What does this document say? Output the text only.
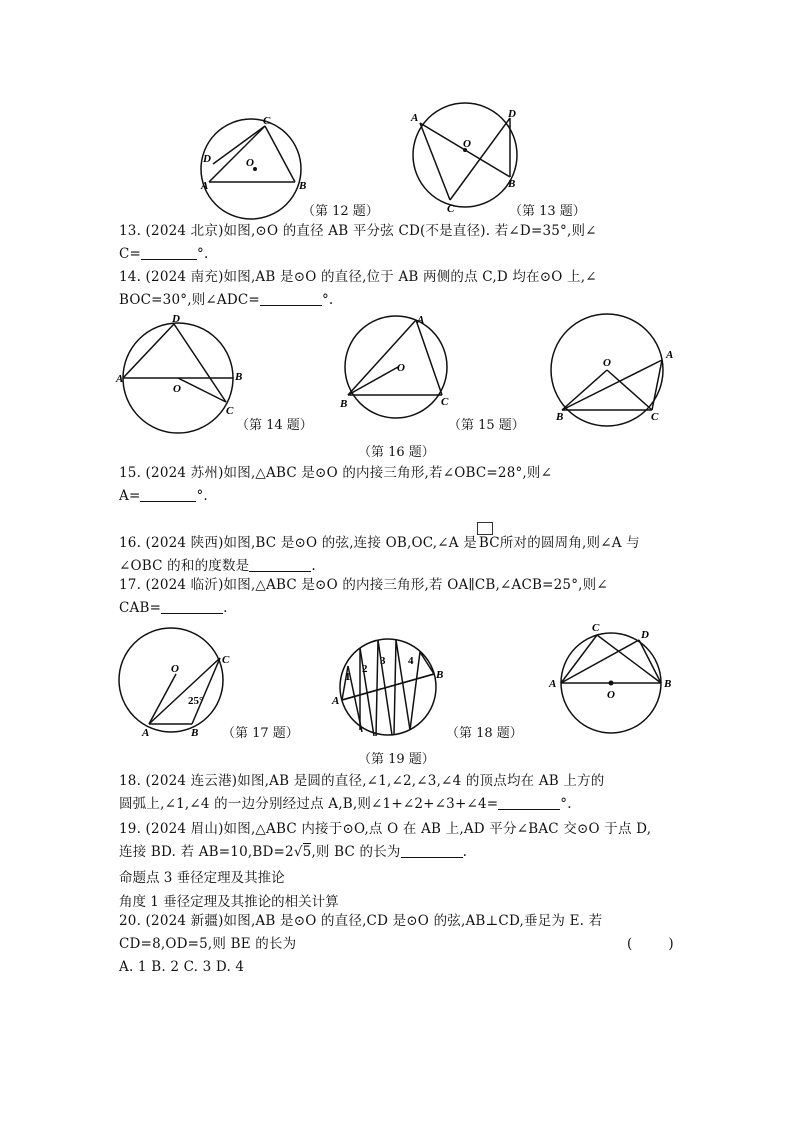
C
D	O
A	B
（第 12 题）
A	D
O
B
C	（第 13 题）
13. (2024 北京)如图,⊙O 的直径 AB 平分弦 CD(不是直径). 若∠D=35°,则∠
C=	°.
14. (2024 南充)如图,AB 是⊙O 的直径,位于 AB 两侧的点 C,D 均在⊙O 上,∠
BOC=30°,则∠ADC=	°.
D
A
O
B
C
（第 14 题）
A
O
B	C
（第 15 题）
O
A
B	C
（第 16 题）
15. (2024 苏州)如图,△ABC 是⊙O 的内接三角形,若∠OBC=28°,则∠
A=	°.
16. (2024 陕西)如图,BC 是⊙O 的弦,连接 OB,OC,∠A 是 BC所对的圆周角,则∠A 与
∠OBC 的和的度数是	.
17. (2024 临沂)如图,△ABC 是⊙O 的内接三角形,若 OA∥CB,∠ACB=25°,则∠
CAB=	.
O
C
25°
A	B （第 17 题）
1
2
3 4
A
B
（第 18 题）
C
D
A
O
B
（第 19 题）
18. (2024 连云港)如图,AB 是圆的直径,∠1,∠2,∠3,∠4 的顶点均在 AB 上方的
圆弧上,∠1,∠4 的一边分别经过点 A,B,则∠1+∠2+∠3+∠4=	°.
19. (2024 眉山)如图,△ABC 内接于⊙O,点 O 在 AB 上,AD 平分∠BAC 交⊙O 于点 D,
连接 BD. 若 AB=10,BD=2√5,则 BC 的长为	.
命题点 3 垂径定理及其推论
角度 1 垂径定理及其推论的相关计算
20. (2024 新疆)如图,AB 是⊙O 的直径,CD 是⊙O 的弦,AB⊥CD,垂足为 E. 若
CD=8,OD=5,则 BE 的长为	(        )
A. 1 B. 2 C. 3 D. 4
